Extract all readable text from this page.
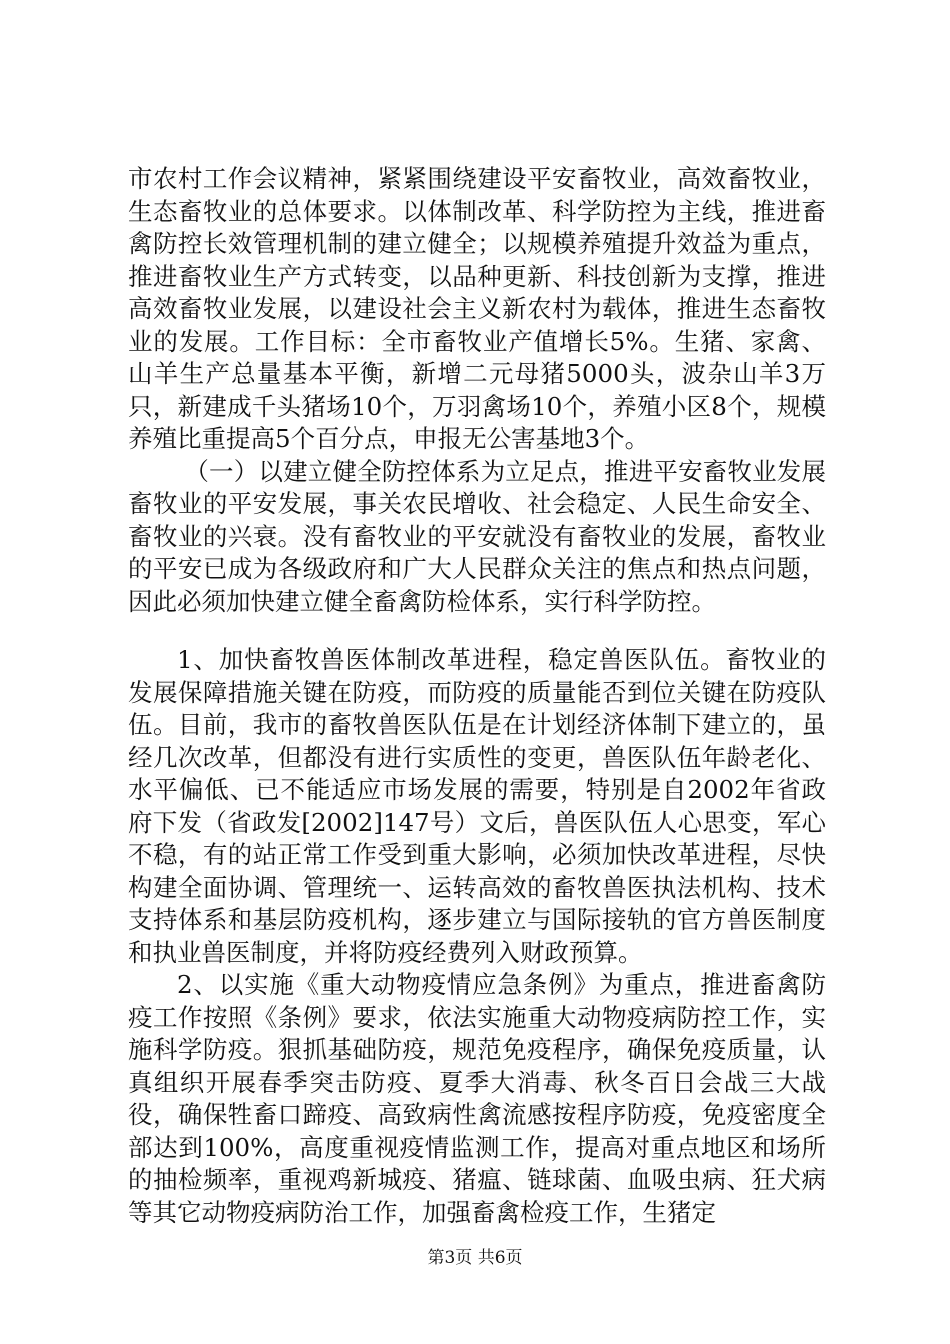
市农村工作会议精神，紧紧围绕建设平安畜牧业，高效畜牧业，生态畜牧业的总体要求。以体制改革、科学防控为主线，推进畜禽防控长效管理机制的建立健全；以规模养殖提升效益为重点，推进畜牧业生产方式转变，以品种更新、科技创新为支撑，推进高效畜牧业发展，以建设社会主义新农村为载体，推进生态畜牧业的发展。工作目标：全市畜牧业产值增长5%。生猪、家禽、山羊生产总量基本平衡，新增二元母猪5000头，波杂山羊3万只，新建成千头猪场10个，万羽禽场10个，养殖小区8个，规模养殖比重提高5个百分点，申报无公害基地3个。

（一）以建立健全防控体系为立足点，推进平安畜牧业发展畜牧业的平安发展，事关农民增收、社会稳定、人民生命安全、畜牧业的兴衰。没有畜牧业的平安就没有畜牧业的发展，畜牧业的平安已成为各级政府和广大人民群众关注的焦点和热点问题，因此必须加快建立健全畜禽防检体系，实行科学防控。

1、加快畜牧兽医体制改革进程，稳定兽医队伍。畜牧业的发展保障措施关键在防疫，而防疫的质量能否到位关键在防疫队伍。目前，我市的畜牧兽医队伍是在计划经济体制下建立的，虽经几次改革，但都没有进行实质性的变更，兽医队伍年龄老化、水平偏低、已不能适应市场发展的需要，特别是自2002年省政府下发（省政发[2002]147号）文后，兽医队伍人心思变，军心不稳，有的站正常工作受到重大影响，必须加快改革进程，尽快构建全面协调、管理统一、运转高效的畜牧兽医执法机构、技术支持体系和基层防疫机构，逐步建立与国际接轨的官方兽医制度和执业兽医制度，并将防疫经费列入财政预算。

2、以实施《重大动物疫情应急条例》为重点，推进畜禽防疫工作按照《条例》要求，依法实施重大动物疫病防控工作，实施科学防疫。狠抓基础防疫，规范免疫程序，确保免疫质量，认真组织开展春季突击防疫、夏季大消毒、秋冬百日会战三大战役，确保牲畜口蹄疫、高致病性禽流感按程序防疫，免疫密度全部达到100%，高度重视疫情监测工作，提高对重点地区和场所的抽检频率，重视鸡新城疫、猪瘟、链球菌、血吸虫病、狂犬病等其它动物疫病防治工作，加强畜禽检疫工作，生猪定

第3页 共6页
